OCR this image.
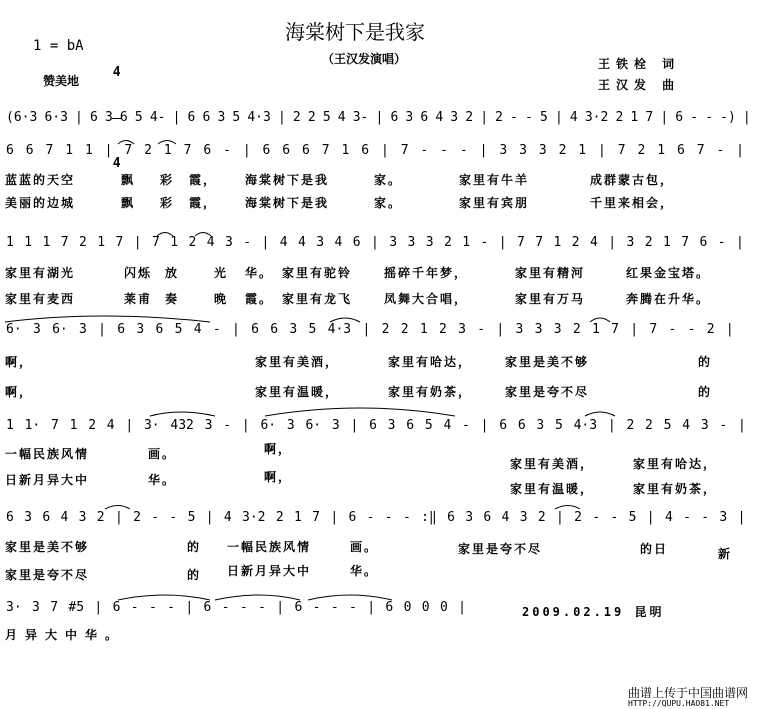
海棠树下是我家
1 = bA

4

4

（王汉发演唱）	王铁栓 词
王汉发 曲
赞美地
(6·3 6·3 | 6 3 6 5 4- | 6 6 3 5 4·3 | 2 2 5 4 3- | 6 3 6 4 3 2 | 2 - - 5 | 4 3·2 2 1 7 | 6 - - -) |
6 6 7 1 1 | 7 2 1 7 6 - | 6 6 6 7 1 6 | 7 - - - | 3 3 3 2 1 | 7 2 1 6 7 - |
1 1 1 7 2 1 7 | 7 1 2 4 3 - | 4 4 3 4 6 | 3 3 3 2 1 - | 7 7 1 2 4 | 3 2 1 7 6 - |
6· 3 6· 3 | 6 3 6 5 4 - | 6 6 3 5 4·3 | 2 2 1 2 3 - | 3 3 3 2 1 7 | 7 - - 2 |
1 1· 7 1 2 4 | 3· 432 3 - | 6· 3 6· 3 | 6 3 6 5 4 - | 6 6 3 5 4·3 | 2 2 5 4 3 - |
6 3 6 4 3 2 | 2 - - 5 | 4 3·2 2 1 7 | 6 - - - :‖ 6 3 6 4 3 2 | 2 - - 5 | 4 - - 3 |
3· 3 7 #5 | 6 - - - | 6 - - - | 6 - - - | 6 0 0 0 |
蓝蓝的天空	飘 彩 霞， 海棠树下是我	家。	家里有牛羊	成群蒙古包，
美丽的边城	飘 彩 霞， 海棠树下是我	家。	家里有宾朋	千里来相会，
家里有湖光	闪烁 放	光 华。 家里有驼铃	摇碎千年梦，	家里有精河	红果金宝塔。
家里有麦西	莱甫 奏	晚 霞。 家里有龙飞	凤舞大合唱，	家里有万马	奔腾在升华。
啊，	家里有美酒，	家里有哈达，	家里是美不够	的
啊，	家里有温暖，	家里有奶茶，	家里是夸不尽	的
一幅民族风情	画。	啊，
家里有美酒，	家里有哈达，
日新月异大中	华。	啊，
家里有温暖，	家里有奶茶，
家里是美不够	的 一幅民族风情	画。	家里是夸不尽	的日	新
家里是夸不尽	的 日新月异大中	华。
月异大中华。
2009.02.19 昆明
曲谱上传于中国曲谱网
HTTP://QUPU.HAO81.NET
